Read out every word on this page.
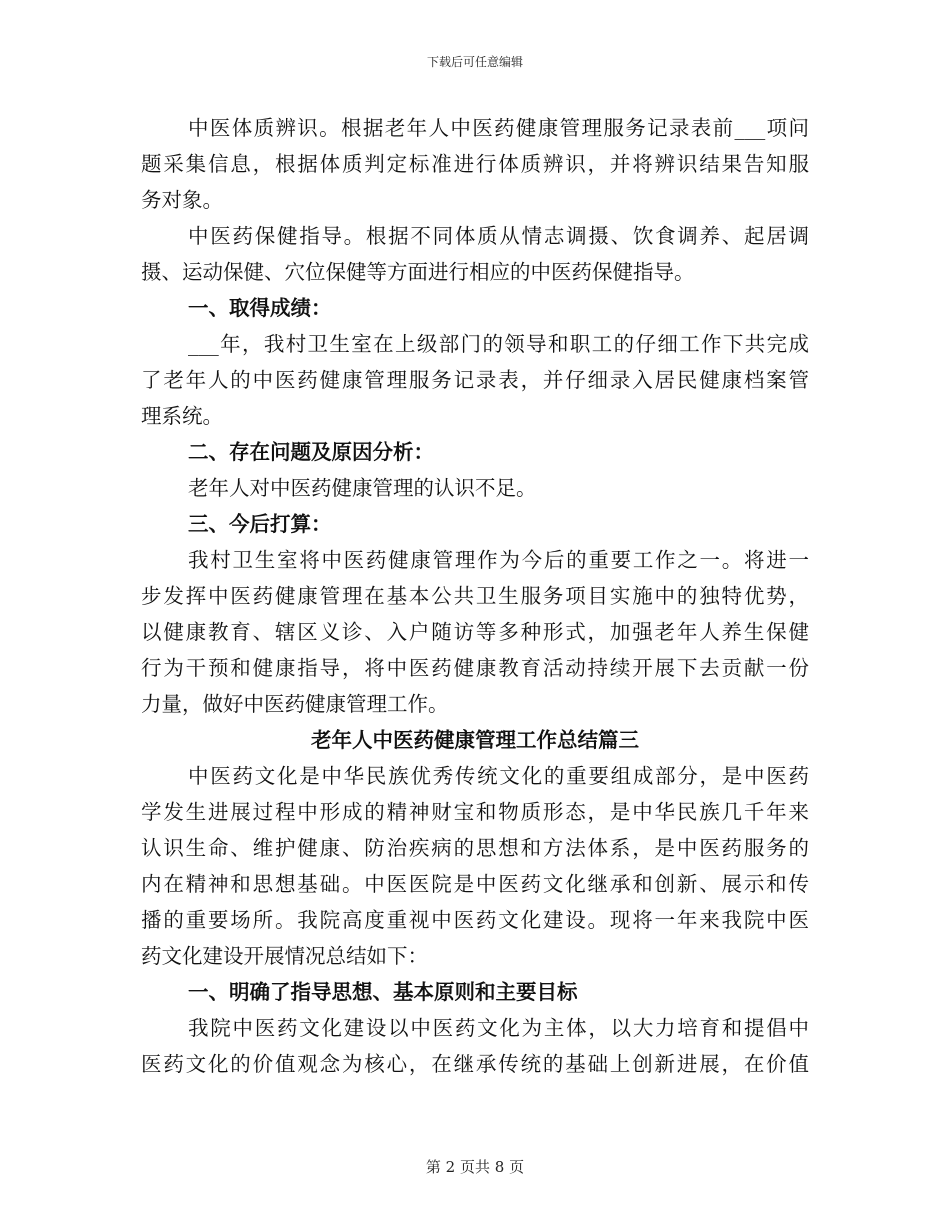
下载后可任意编辑
中医体质辨识。根据老年人中医药健康管理服务记录表前___项问
题采集信息，根据体质判定标准进行体质辨识，并将辨识结果告知服
务对象。
中医药保健指导。根据不同体质从情志调摄、饮食调养、起居调
摄、运动保健、穴位保健等方面进行相应的中医药保健指导。
一、取得成绩：
___年，我村卫生室在上级部门的领导和职工的仔细工作下共完成
了老年人的中医药健康管理服务记录表，并仔细录入居民健康档案管
理系统。
二、存在问题及原因分析：
老年人对中医药健康管理的认识不足。
三、今后打算：
我村卫生室将中医药健康管理作为今后的重要工作之一。将进一
步发挥中医药健康管理在基本公共卫生服务项目实施中的独特优势，
以健康教育、辖区义诊、入户随访等多种形式，加强老年人养生保健
行为干预和健康指导，将中医药健康教育活动持续开展下去贡献一份
力量，做好中医药健康管理工作。
老年人中医药健康管理工作总结篇三
中医药文化是中华民族优秀传统文化的重要组成部分，是中医药
学发生进展过程中形成的精神财宝和物质形态，是中华民族几千年来
认识生命、维护健康、防治疾病的思想和方法体系，是中医药服务的
内在精神和思想基础。中医医院是中医药文化继承和创新、展示和传
播的重要场所。我院高度重视中医药文化建设。现将一年来我院中医
药文化建设开展情况总结如下：
一、明确了指导思想、基本原则和主要目标
我院中医药文化建设以中医药文化为主体，以大力培育和提倡中
医药文化的价值观念为核心，在继承传统的基础上创新进展，在价值
第 2 页共 8 页
